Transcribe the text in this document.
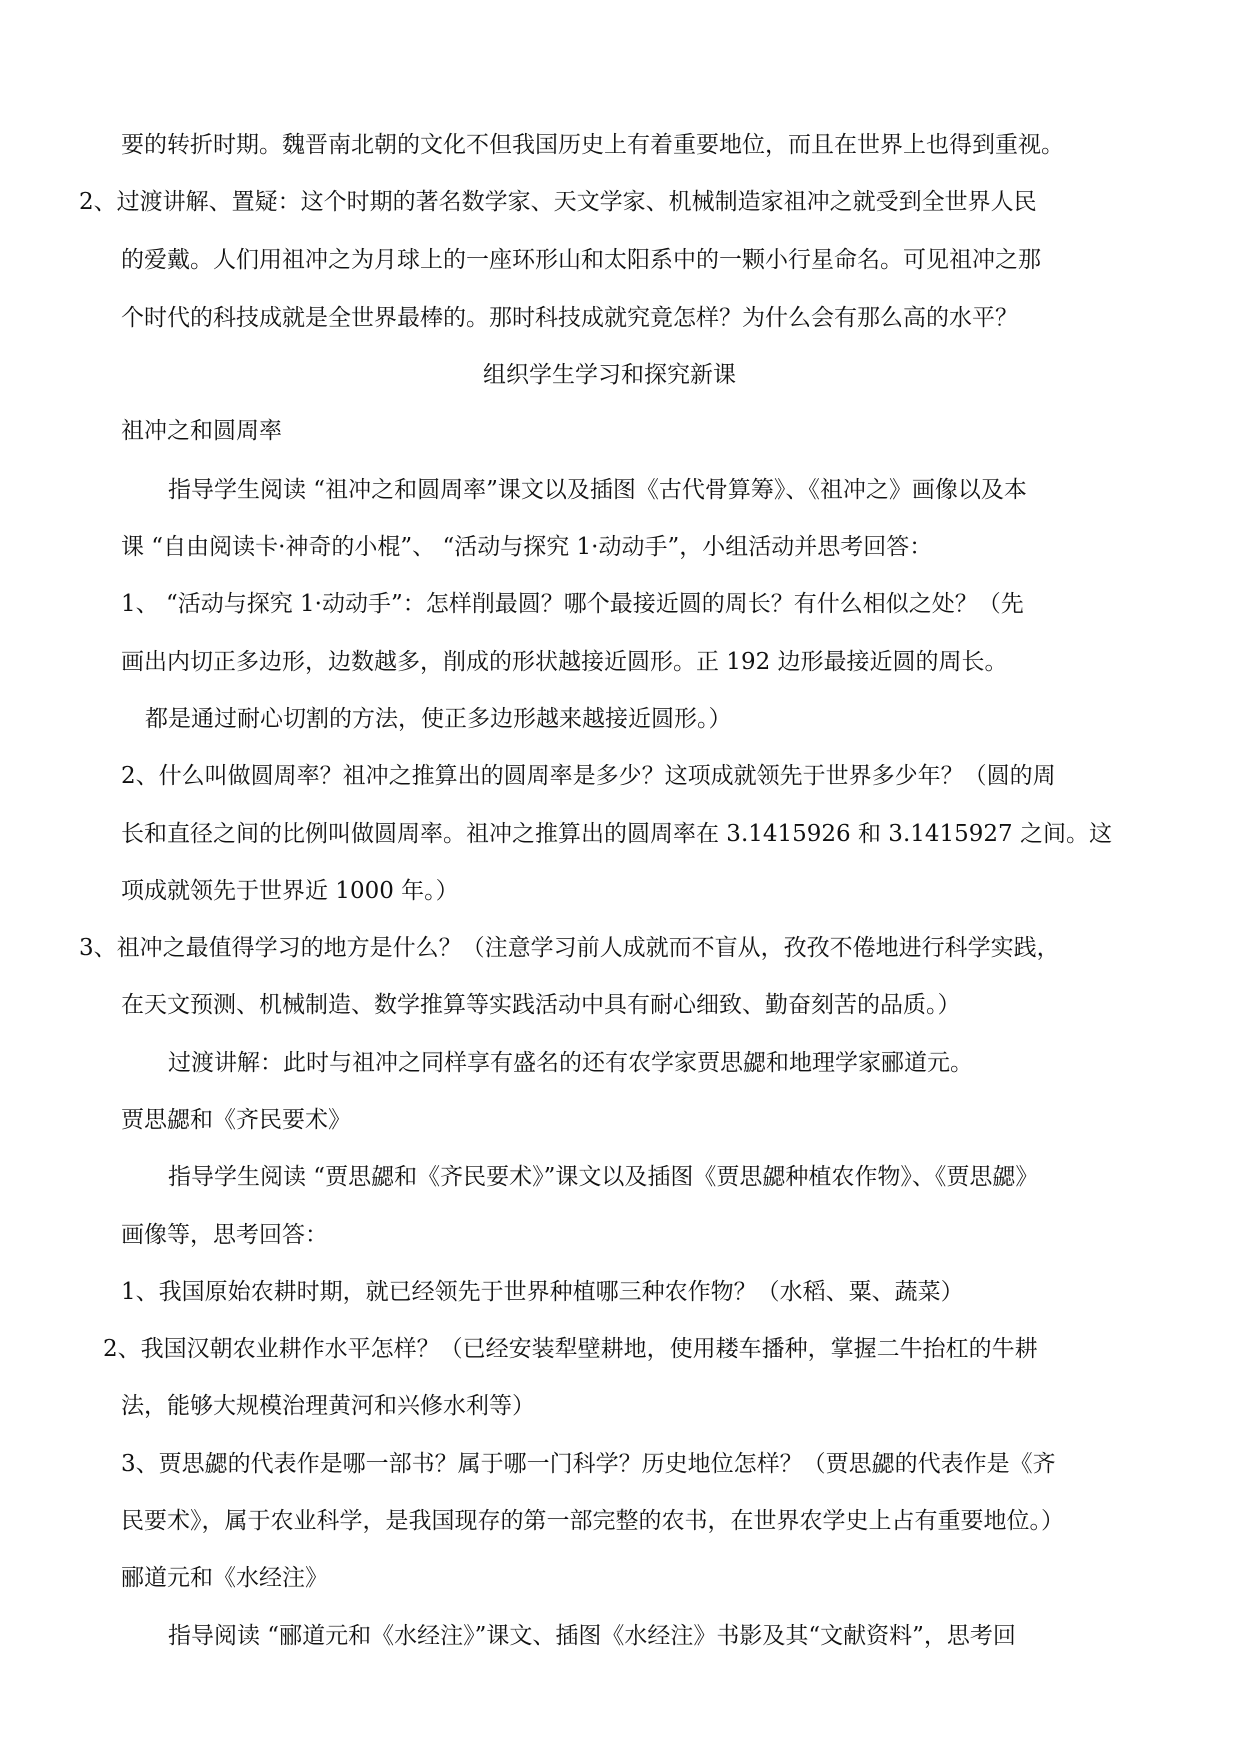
要的转折时期。魏晋南北朝的文化不但我国历史上有着重要地位，而且在世界上也得到重视。
2、过渡讲解、置疑：这个时期的著名数学家、天文学家、机械制造家祖冲之就受到全世界人民
的爱戴。人们用祖冲之为月球上的一座环形山和太阳系中的一颗小行星命名。可见祖冲之那
个时代的科技成就是全世界最棒的。那时科技成就究竟怎样？为什么会有那么高的水平？
组织学生学习和探究新课
祖冲之和圆周率
指导学生阅读 “祖冲之和圆周率”课文以及插图《古代骨算筹》、《祖冲之》画像以及本
课 “自由阅读卡·神奇的小棍”、 “活动与探究 1·动动手”，小组活动并思考回答：
1、 “活动与探究 1·动动手”：怎样削最圆？哪个最接近圆的周长？有什么相似之处？（先
画出内切正多边形，边数越多，削成的形状越接近圆形。正 192 边形最接近圆的周长。
都是通过耐心切割的方法，使正多边形越来越接近圆形。）
2、什么叫做圆周率？祖冲之推算出的圆周率是多少？这项成就领先于世界多少年？（圆的周
长和直径之间的比例叫做圆周率。祖冲之推算出的圆周率在 3.1415926 和 3.1415927 之间。这
项成就领先于世界近 1000 年。）
3、祖冲之最值得学习的地方是什么？（注意学习前人成就而不盲从，孜孜不倦地进行科学实践，
在天文预测、机械制造、数学推算等实践活动中具有耐心细致、勤奋刻苦的品质。）
过渡讲解：此时与祖冲之同样享有盛名的还有农学家贾思勰和地理学家郦道元。
贾思勰和《齐民要术》
指导学生阅读 “贾思勰和《齐民要术》”课文以及插图《贾思勰种植农作物》、《贾思勰》
画像等，思考回答：
1、我国原始农耕时期，就已经领先于世界种植哪三种农作物？（水稻、粟、蔬菜）
2、我国汉朝农业耕作水平怎样？（已经安装犁壁耕地，使用耧车播种，掌握二牛抬杠的牛耕
法，能够大规模治理黄河和兴修水利等）
3、贾思勰的代表作是哪一部书？属于哪一门科学？历史地位怎样？（贾思勰的代表作是《齐
民要术》，属于农业科学，是我国现存的第一部完整的农书，在世界农学史上占有重要地位。）
郦道元和《水经注》
指导阅读 “郦道元和《水经注》”课文、插图《水经注》书影及其“文献资料”，思考回
